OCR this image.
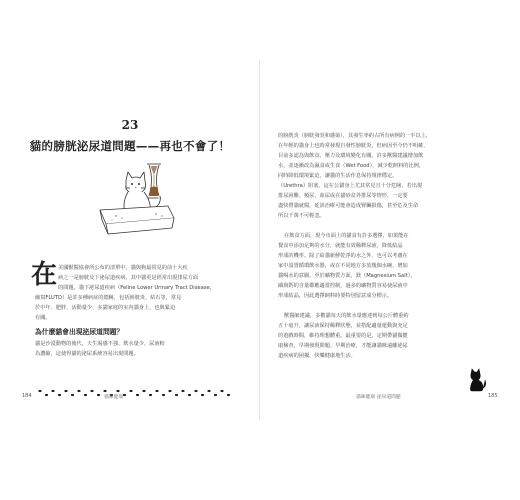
23
貓的膀胱泌尿道問題——再也不會了！
在 美國獸醫協會所公布的清單中，貓與狗最常見的前十大疾
病之一是膀胱及下泌尿道疾病，其中貓更是經常出現排尿方面
的問題。貓下泌尿道疾病（Feline Lower Urinary Tract Disease，
縮寫FLUTD）是許多種病症的總稱，包括膀胱炎、結石等，常見
於中年、肥胖、活動量少、多貓家庭的室內貓身上，也與緊迫
有關。
為什麼貓會出現泌尿道問題？
貓是沙漠動物的後代，天生渴感不強、飲水量少，尿液較
為濃縮，這使得貓的泌尿系統容易出現問題。
184	貓咪健康
的膀胱炎（膀胱發炎和感染），其發生率約占所有病例的一半以上，
在年輕的貓身上也時常發現自發性膀胱炎，但病因至今仍不明確，
目前多認為與飲食、壓力及環境變化有關。許多獸醫建議增加飲
水，並逐漸改為濕食或生食（Wet Food），減少乾飼料的比例，
同時降低環境緊迫，讓貓的生活作息保持規律穩定。
（Urethra）阻塞，這在公貓身上尤其常見且十分危險，若出現
排尿困難、頻尿、血尿或在貓砂盆外排尿等情形，一定要
盡快帶貓就醫，延誤治療可能會造成腎臟損傷，甚至危及生命
所以千萬不可輕忽。
在飲食方面，現今市面上的貓食有許多選擇，如果能在
餐食中添加足夠的水分，就能有效稀釋尿液，降低結晶
形成的機率。除了給貓新鮮乾淨的水之外，也可以考慮在
家中設置循環飲水器，或在不同地方多放幾個水碗，增加
貓喝水的意願。至於礦物質方面，鎂（Magnesium Salt）、
磷與鈣的含量都應適當控制，過多的礦物質容易使尿液中
形成結晶，因此選擇飼料時要特別留意成分標示。
獸醫師建議，多數貓每天的飲水量應達到每公斤體重約
五十毫升，讓尿液保持稀釋狀態，並搭配適量運動與充足
的遊戲時間，維持理想體重。最重要的是，定期帶貓做健
康檢查，早期發現問題、早期治療，才能讓貓咪遠離泌尿
道疾病的困擾，快樂健康地生活。
貓咪健康 泌尿道問題	185
